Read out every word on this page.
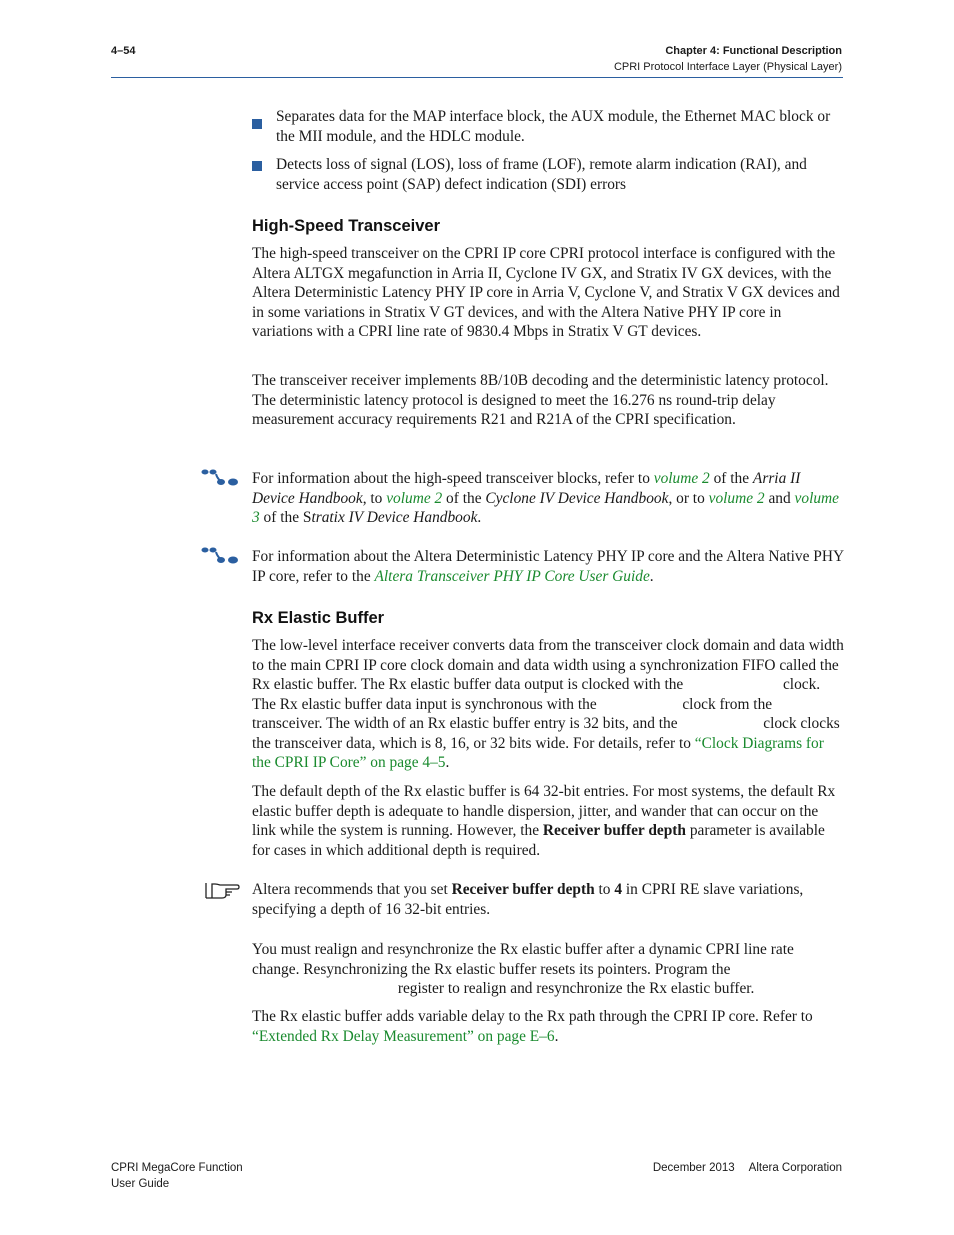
4–54	Chapter 4: Functional Description
CPRI Protocol Interface Layer (Physical Layer)
Separates data for the MAP interface block, the AUX module, the Ethernet MAC block or the MII module, and the HDLC module.
Detects loss of signal (LOS), loss of frame (LOF), remote alarm indication (RAI), and service access point (SAP) defect indication (SDI) errors
High-Speed Transceiver

The high-speed transceiver on the CPRI IP core CPRI protocol interface is configured with the Altera ALTGX megafunction in Arria II, Cyclone IV GX, and Stratix IV GX devices, with the Altera Deterministic Latency PHY IP core in Arria V, Cyclone V, and Stratix V GX devices and in some variations in Stratix V GT devices, and with the Altera Native PHY IP core in variations with a CPRI line rate of 9830.4 Mbps in Stratix V GT devices.

The transceiver receiver implements 8B/10B decoding and the deterministic latency protocol. The deterministic latency protocol is designed to meet the 16.276 ns round-trip delay measurement accuracy requirements R21 and R21A of the CPRI specification.

For information about the high-speed transceiver blocks, refer to volume 2 of the Arria II Device Handbook, to volume 2 of the Cyclone IV Device Handbook, or to volume 2 and volume 3 of the Stratix IV Device Handbook.

For information about the Altera Deterministic Latency PHY IP core and the Altera Native PHY IP core, refer to the Altera Transceiver PHY IP Core User Guide.

Rx Elastic Buffer

The low-level interface receiver converts data from the transceiver clock domain and data width to the main CPRI IP core clock domain and data width using a synchronization FIFO called the Rx elastic buffer. The Rx elastic buffer data output is clocked with the	clock. The Rx elastic buffer data input is synchronous with the	clock from the transceiver. The width of an Rx elastic buffer entry is 32 bits, and the	clock clocks the transceiver data, which is 8, 16, or 32 bits wide. For details, refer to “Clock Diagrams for the CPRI IP Core” on page 4–5.

The default depth of the Rx elastic buffer is 64 32-bit entries. For most systems, the default Rx elastic buffer depth is adequate to handle dispersion, jitter, and wander that can occur on the link while the system is running. However, the Receiver buffer depth parameter is available for cases in which additional depth is required.

Altera recommends that you set Receiver buffer depth to 4 in CPRI RE slave variations, specifying a depth of 16 32-bit entries.

You must realign and resynchronize the Rx elastic buffer after a dynamic CPRI line rate change. Resynchronizing the Rx elastic buffer resets its pointers. Program the  register to realign and resynchronize the Rx elastic buffer.

The Rx elastic buffer adds variable delay to the Rx path through the CPRI IP core. Refer to “Extended Rx Delay Measurement” on page E–6.

CPRI MegaCore Function
User Guide
December 2013 Altera Corporation
